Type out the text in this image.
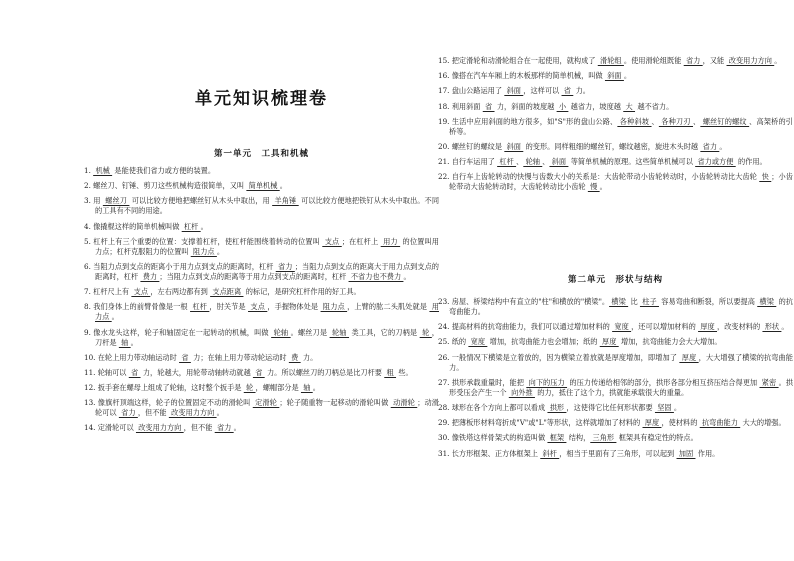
单元知识梳理卷
第一单元　工具和机械
1.  机械  是能使我们省力或方便的装置。
2. 螺丝刀、钉锤、剪刀这些机械构造很简单，又叫  简单机械 。
3. 用  螺丝刀  可以比较方便地把螺丝钉从木头中取出，用  羊角锤  可以比较方便地把铁钉从木头中取出。不同的工具有不同的用途。
4. 像撬棍这样的简单机械叫做  杠杆 。
5. 杠杆上有三个重要的位置：支撑着杠杆，使杠杆能围绕着转动的位置叫  支点 ；在杠杆上  用力  的位置叫用力点；杠杆克服阻力的位置叫  阻力点 。
6. 当阻力点到支点的距离小于用力点到支点的距离时，杠杆  省力 ；当阻力点到支点的距离大于用力点到支点的距离时，杠杆  费力 ；当阻力点到支点的距离等于用力点到支点的距离时，杠杆  不省力也不费力 。
7. 杠杆尺上有  支点 ，左右两边都有到  支点距离  的标记，是研究杠杆作用的好工具。
8. 我们身体上的前臂骨像是一根  杠杆 ，肘关节是  支点 ，手握物体处是  阻力点 ，上臂的肱二头肌处就是  用力点 。
9. 像水龙头这样，轮子和轴固定在一起转动的机械，叫做  轮轴 。螺丝刀是  轮轴  类工具，它的刀柄是  轮 ，刀杆是  轴 。
10. 在轮上用力带动轴运动时  省  力；在轴上用力带动轮运动时  费  力。
11. 轮轴可以  省  力，轮越大，用轮带动轴转动就越  省  力。所以螺丝刀的刀柄总是比刀杆要  粗  些。
12. 扳手套在螺母上组成了轮轴，这时整个扳手是  轮 ，螺帽部分是  轴 。
13. 像旗杆顶端这样，轮子的位置固定不动的滑轮叫  定滑轮 ；轮子随重物一起移动的滑轮叫做  动滑轮 ；动滑轮可以  省力 ，但不能  改变用力方向 。
14. 定滑轮可以  改变用力方向 ，但不能  省力 。
15. 把定滑轮和动滑轮组合在一起使用，就构成了  滑轮组 。使用滑轮组既能  省力 ，又能  改变用力方向 。
16. 像搭在汽车车厢上的木板那样的简单机械，叫做  斜面 。
17. 盘山公路运用了  斜面 ，这样可以  省  力。
18. 利用斜面  省  力，斜面的坡度越  小  越省力，坡度越  大  越不省力。
19. 生活中应用斜面的地方很多，如"S"形的盘山公路、 各种斜坡 、 各种刀刃 、 螺丝钉的螺纹 、高架桥的引桥等。
20. 螺丝钉的螺纹是  斜面  的变形。同样粗细的螺丝钉，螺纹越密，旋进木头时越  省力 。
21. 自行车运用了  杠杆 、 轮轴 、 斜面  等简单机械的原理。这些简单机械可以  省力或方便  的作用。
22. 自行车上齿轮转动的快慢与齿数大小的关系是：大齿轮带动小齿轮转动时，小齿轮转动比大齿轮  快 ；小齿轮带动大齿轮转动时，大齿轮转动比小齿轮  慢 。
第二单元　形状与结构
23. 房屋、桥梁结构中有直立的"柱"和横放的"横梁"。 横梁  比  柱子  容易弯曲和断裂，所以要提高  横梁  的抗弯曲能力。
24. 提高材料的抗弯曲能力，我们可以通过增加材料的  宽度 ，还可以增加材料的  厚度 ，改变材料的  形状 。
25. 纸的  宽度  增加，抗弯曲能力也会增加；纸的  厚度  增加，抗弯曲能力会大大增加。
26. 一般情况下横梁是立着放的，因为横梁立着放就是厚度增加，即增加了  厚度 ，大大增强了横梁的抗弯曲能力。
27. 拱形承载重量时，能把  向下的压力  的压力传递给相邻的部分，拱形各部分相互挤压结合得更加  紧密 。拱形受压会产生一个  向外推  的力，抵住了这个力，拱就能承载很大的重量。
28. 球形在各个方向上都可以看成  拱形 ，这使得它比任何形状都要  坚固 。
29. 把薄板形材料弯折成"V"或"L"等形状，这样就增加了材料的  厚度 ，使材料的  抗弯曲能力  大大的增强。
30. 像铁塔这样骨架式的构造叫做  框架  结构， 三角形  框架具有稳定性的特点。
31. 长方形框架、正方体框架上  斜杆 ，相当于里面有了三角形，可以起到  加固  作用。
